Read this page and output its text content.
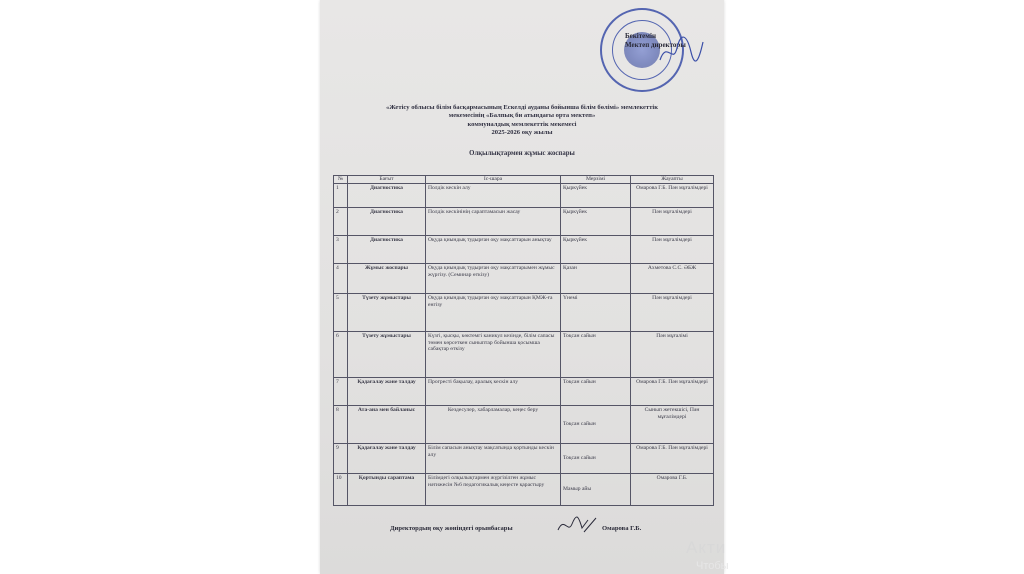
Бекітемін
Мектеп директоры
«Жетісу облысы білім басқармасының Ескелді ауданы бойынша білім бөлімі» мемлекеттік
мекемесінің «Балпық би атындағы орта мектеп»
коммуналдық мемлекеттік мекемесі
2025-2026 оқу жылы
Олқылықтармен жұмыс жоспары
№	Бағыт	Іс-шара	Мерзімі	Жауапты
1	Диагностика	Полдік кескін алу	Қыркүйек	Омарова Г.Б. Пән мұғалімдері
2	Диагностика	Полдік кескінінің сараптамасын жасау	Қыркүйек	Пән мұғалімдері
3	Диагностика	Оқуда қиындық тудырған оқу мақсаттарын анықтау	Қыркүйек	Пән мұғалімдері
4	Жұмыс жоспары	Оқуда қиындық тудырған оқу мақсаттарымен жұмыс жүргізу. (Семинар өткізу)	Қазан	Ахметова С.С. ӘБЖ
5	Түзету жұмыстары	Оқуда қиындық тудырған оқу мақсаттарын ҚМЖ-ға енгізу	Үнемі	Пән мұғалімдері
6	Түзету жұмыстары	Күзгі, қысқы, көктемгі каникул кезінде, білім сапасы төмен көрсеткен сыныптар бойынша қосымша сабақтар өткізу	Тоқсан сайын	Пән мұғалімі
7	Қадағалау және талдау	Прогресті бақылау, аралық кескін алу	Тоқсан сайын	Омарова Г.Б. Пән мұғалімдері
8	Ата-ана мен байланыс	Кездесулер, хабарламалар, кеңес беру	Тоқсан сайын	Сынып жетекшісі, Пән мұғалімдері
9	Қадағалау және талдау	Білім сапасын анықтау мақсатында қортынды кескін алу	Тоқсан сайын	Омарова Г.Б. Пән мұғалімдері
10	Қортынды сараптама	Білімдегі олқылықтармен жүргізілген жұмыс нәтижесін №6 педагогикалық кеңесте қарастыру	Мамыр айы	Омарова Г.Б.
Директордың оқу жөніндегі орынбасары	Омарова Г.Б.
Акти
Чтобы
